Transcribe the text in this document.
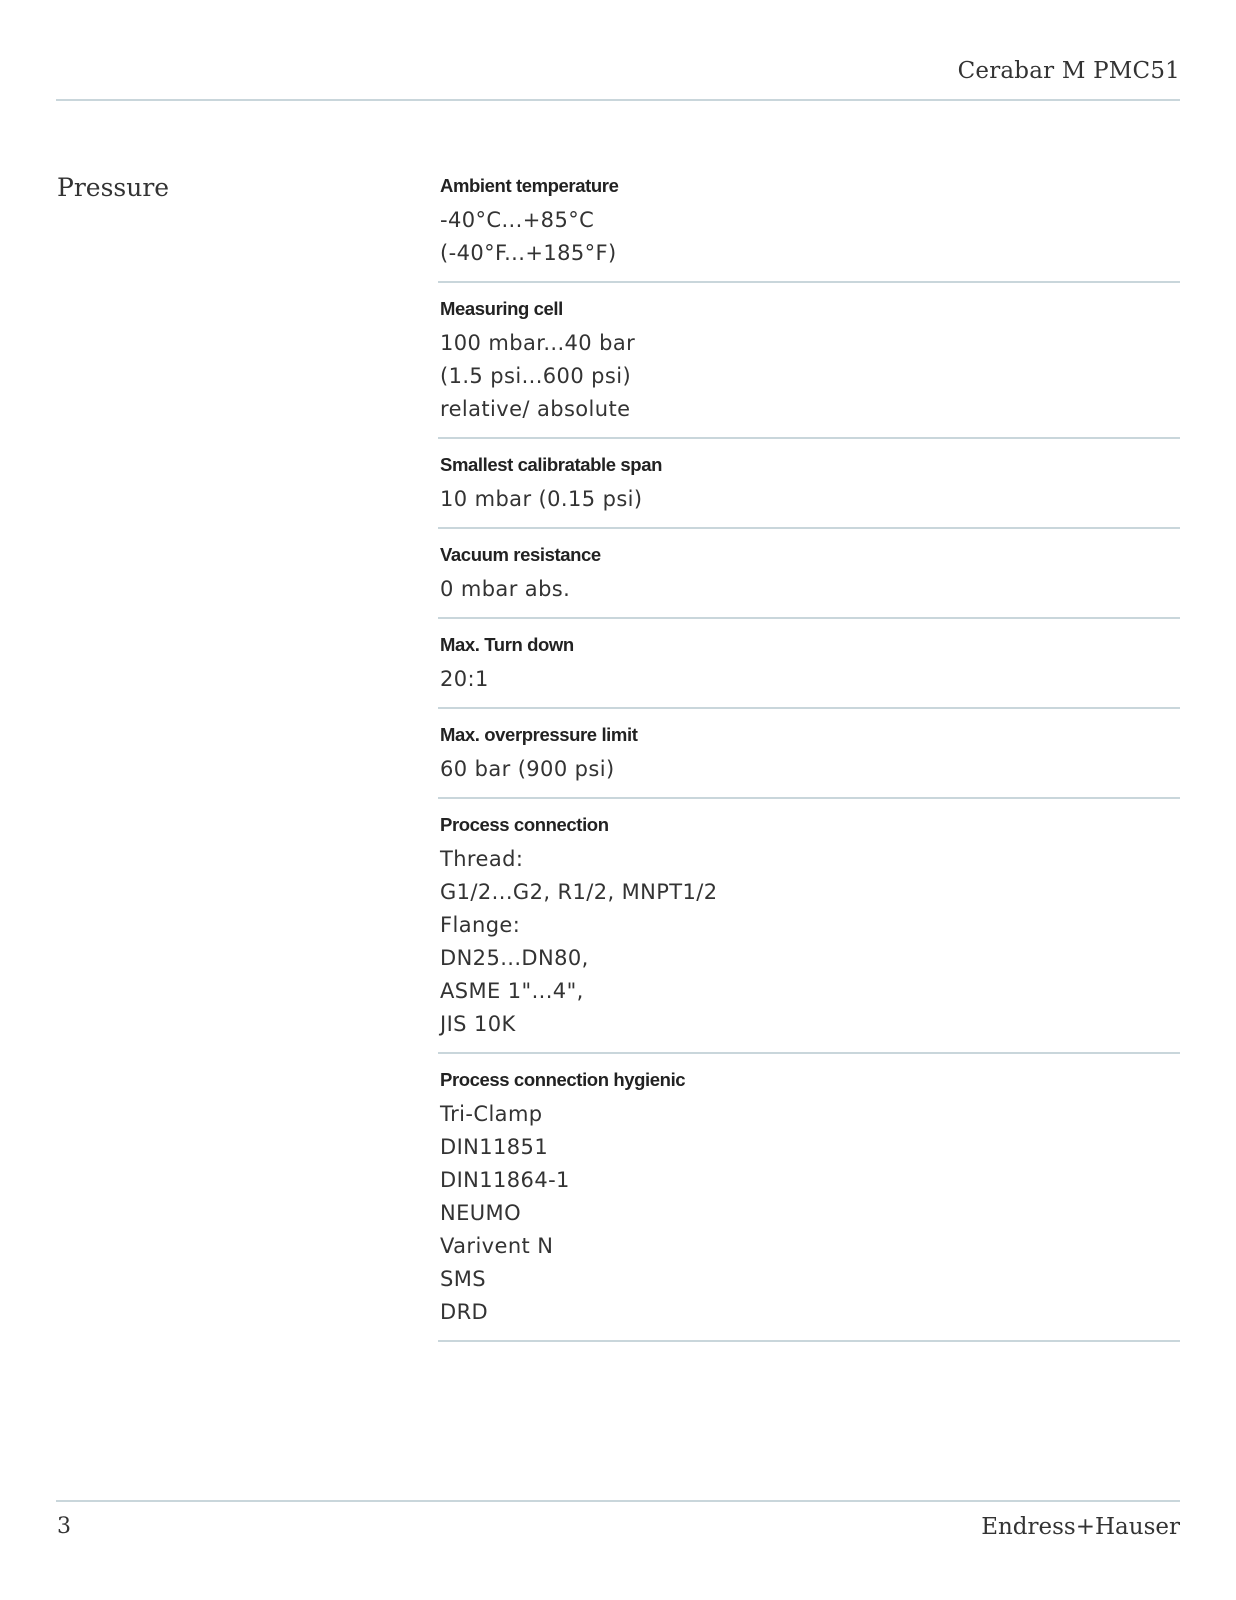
Cerabar M PMC51
Pressure	Ambient temperature
-40°C...+85°C
(-40°F...+185°F)
Measuring cell
100 mbar...40 bar
(1.5 psi...600 psi)
relative/ absolute
Smallest calibratable span
10 mbar (0.15 psi)
Vacuum resistance
0 mbar abs.
Max. Turn down
20:1
Max. overpressure limit
60 bar (900 psi)
Process connection
Thread:
G1/2...G2, R1/2, MNPT1/2
Flange:
DN25...DN80,
ASME 1"...4",
JIS 10K
Process connection hygienic
Tri-Clamp
DIN11851
DIN11864-1
NEUMO
Varivent N
SMS
DRD
3	Endress+Hauser
